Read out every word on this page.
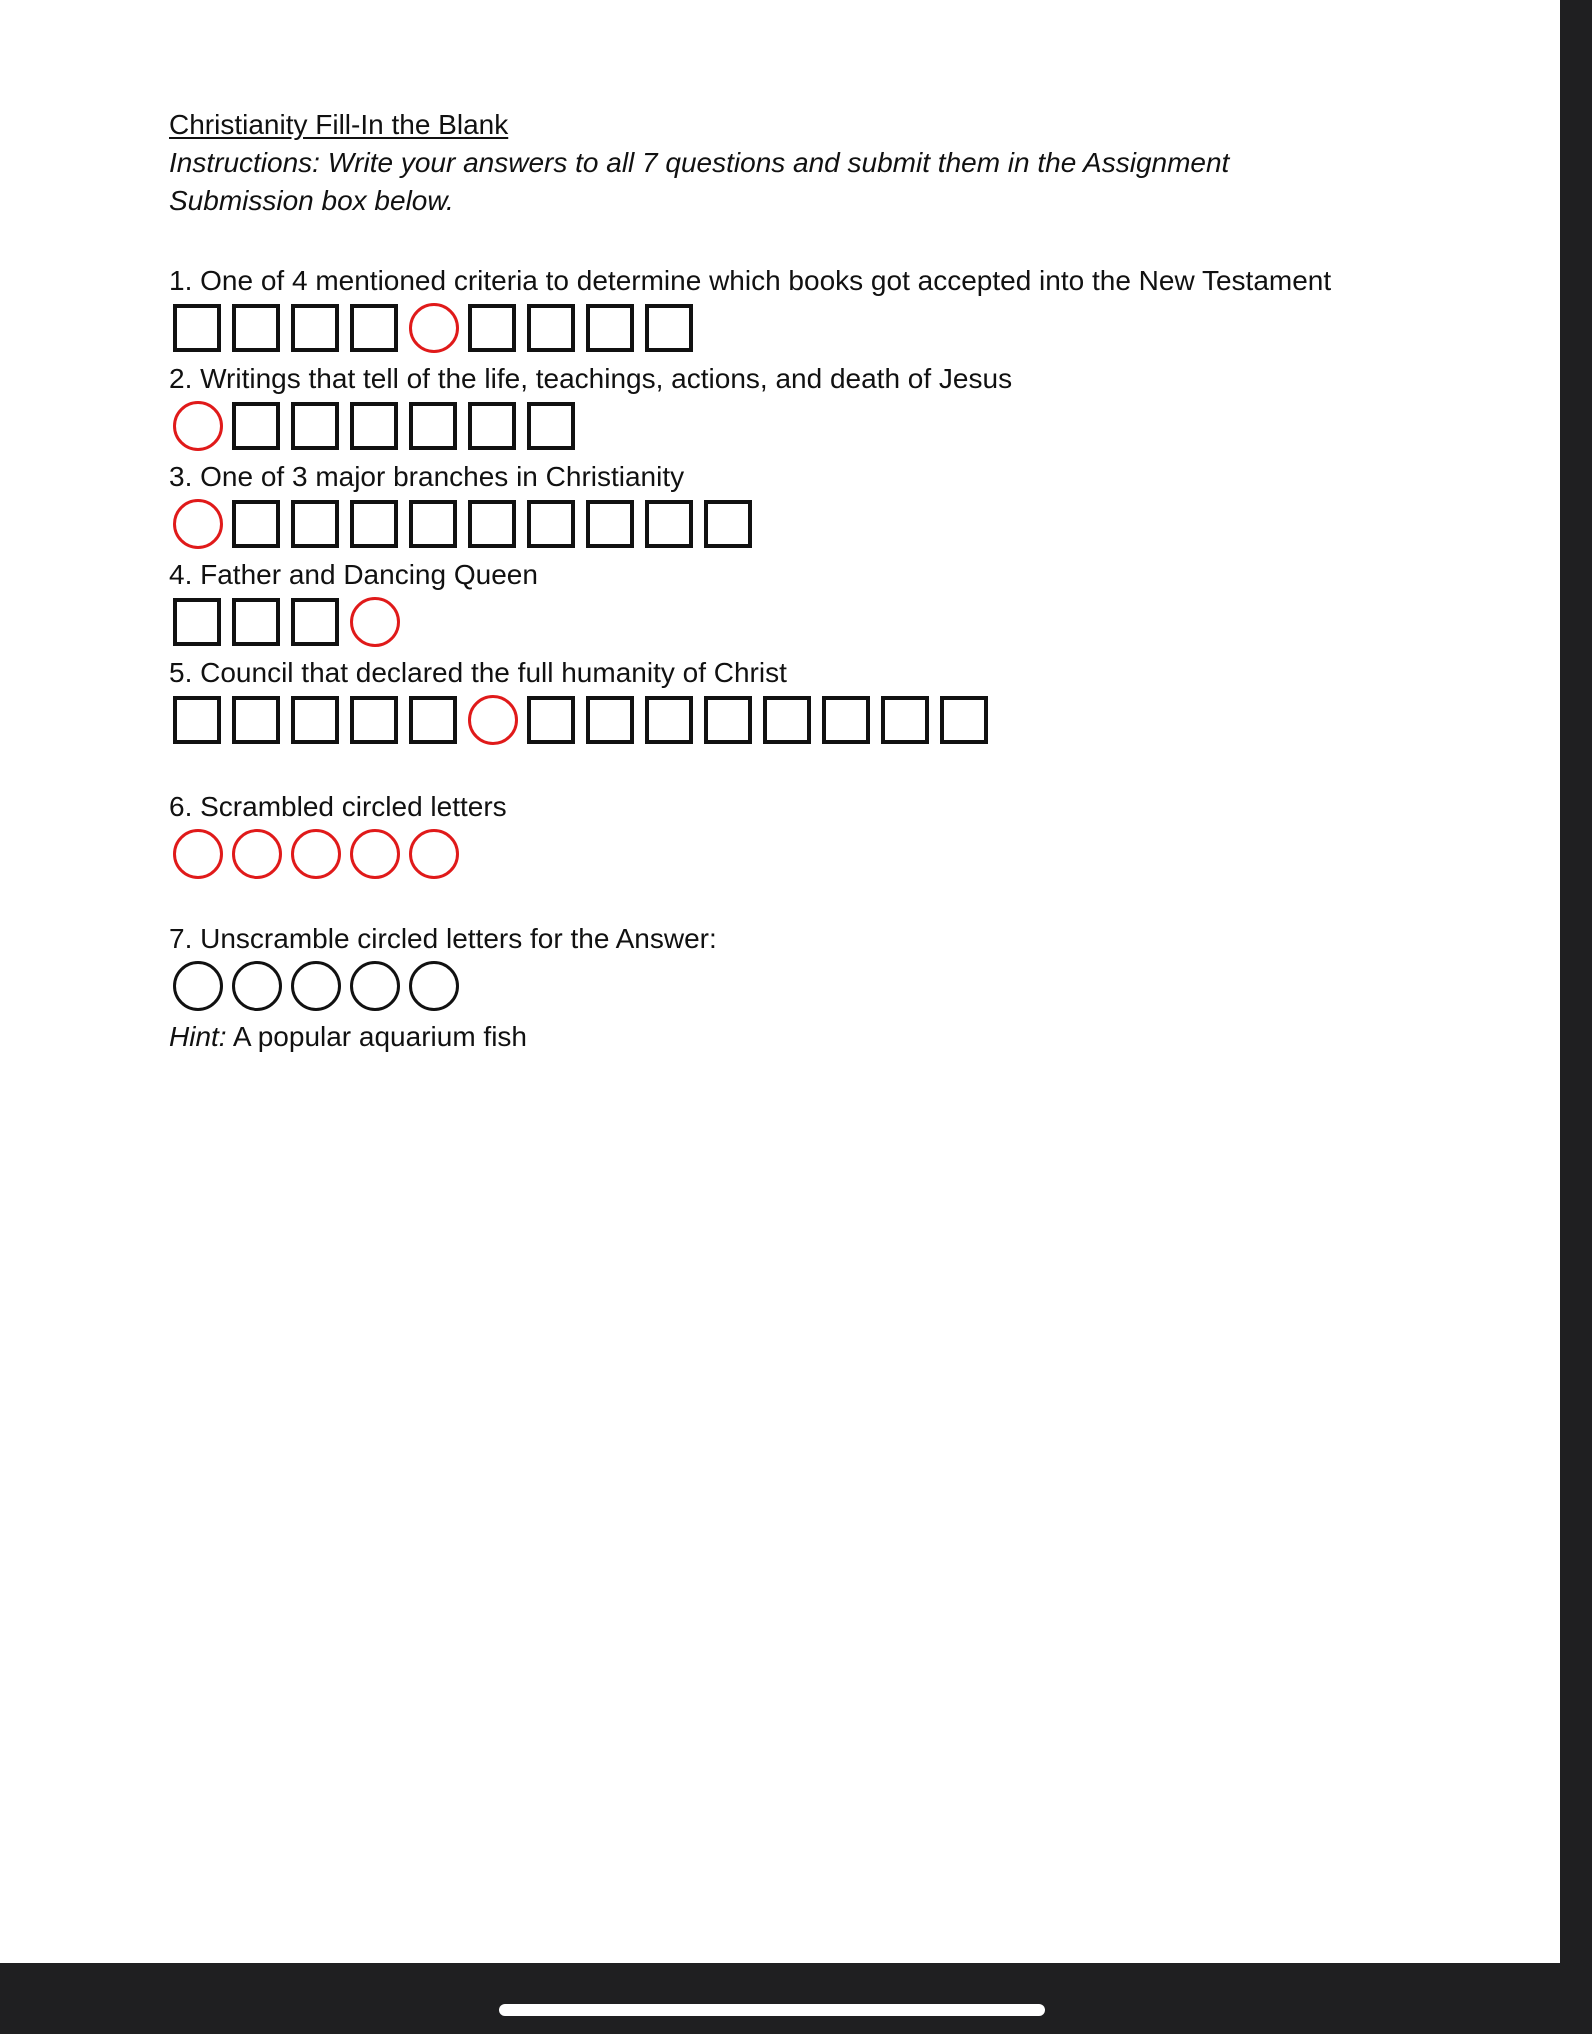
Christianity Fill-In the Blank

Instructions: Write your answers to all 7 questions and submit them in the Assignment Submission box below.

1. One of 4 mentioned criteria to determine which books got accepted into the New Testament

2. Writings that tell of the life, teachings, actions, and death of Jesus

3. One of 3 major branches in Christianity

4. Father and Dancing Queen

5. Council that declared the full humanity of Christ

6. Scrambled circled letters

7. Unscramble circled letters for the Answer:

Hint: A popular aquarium fish
